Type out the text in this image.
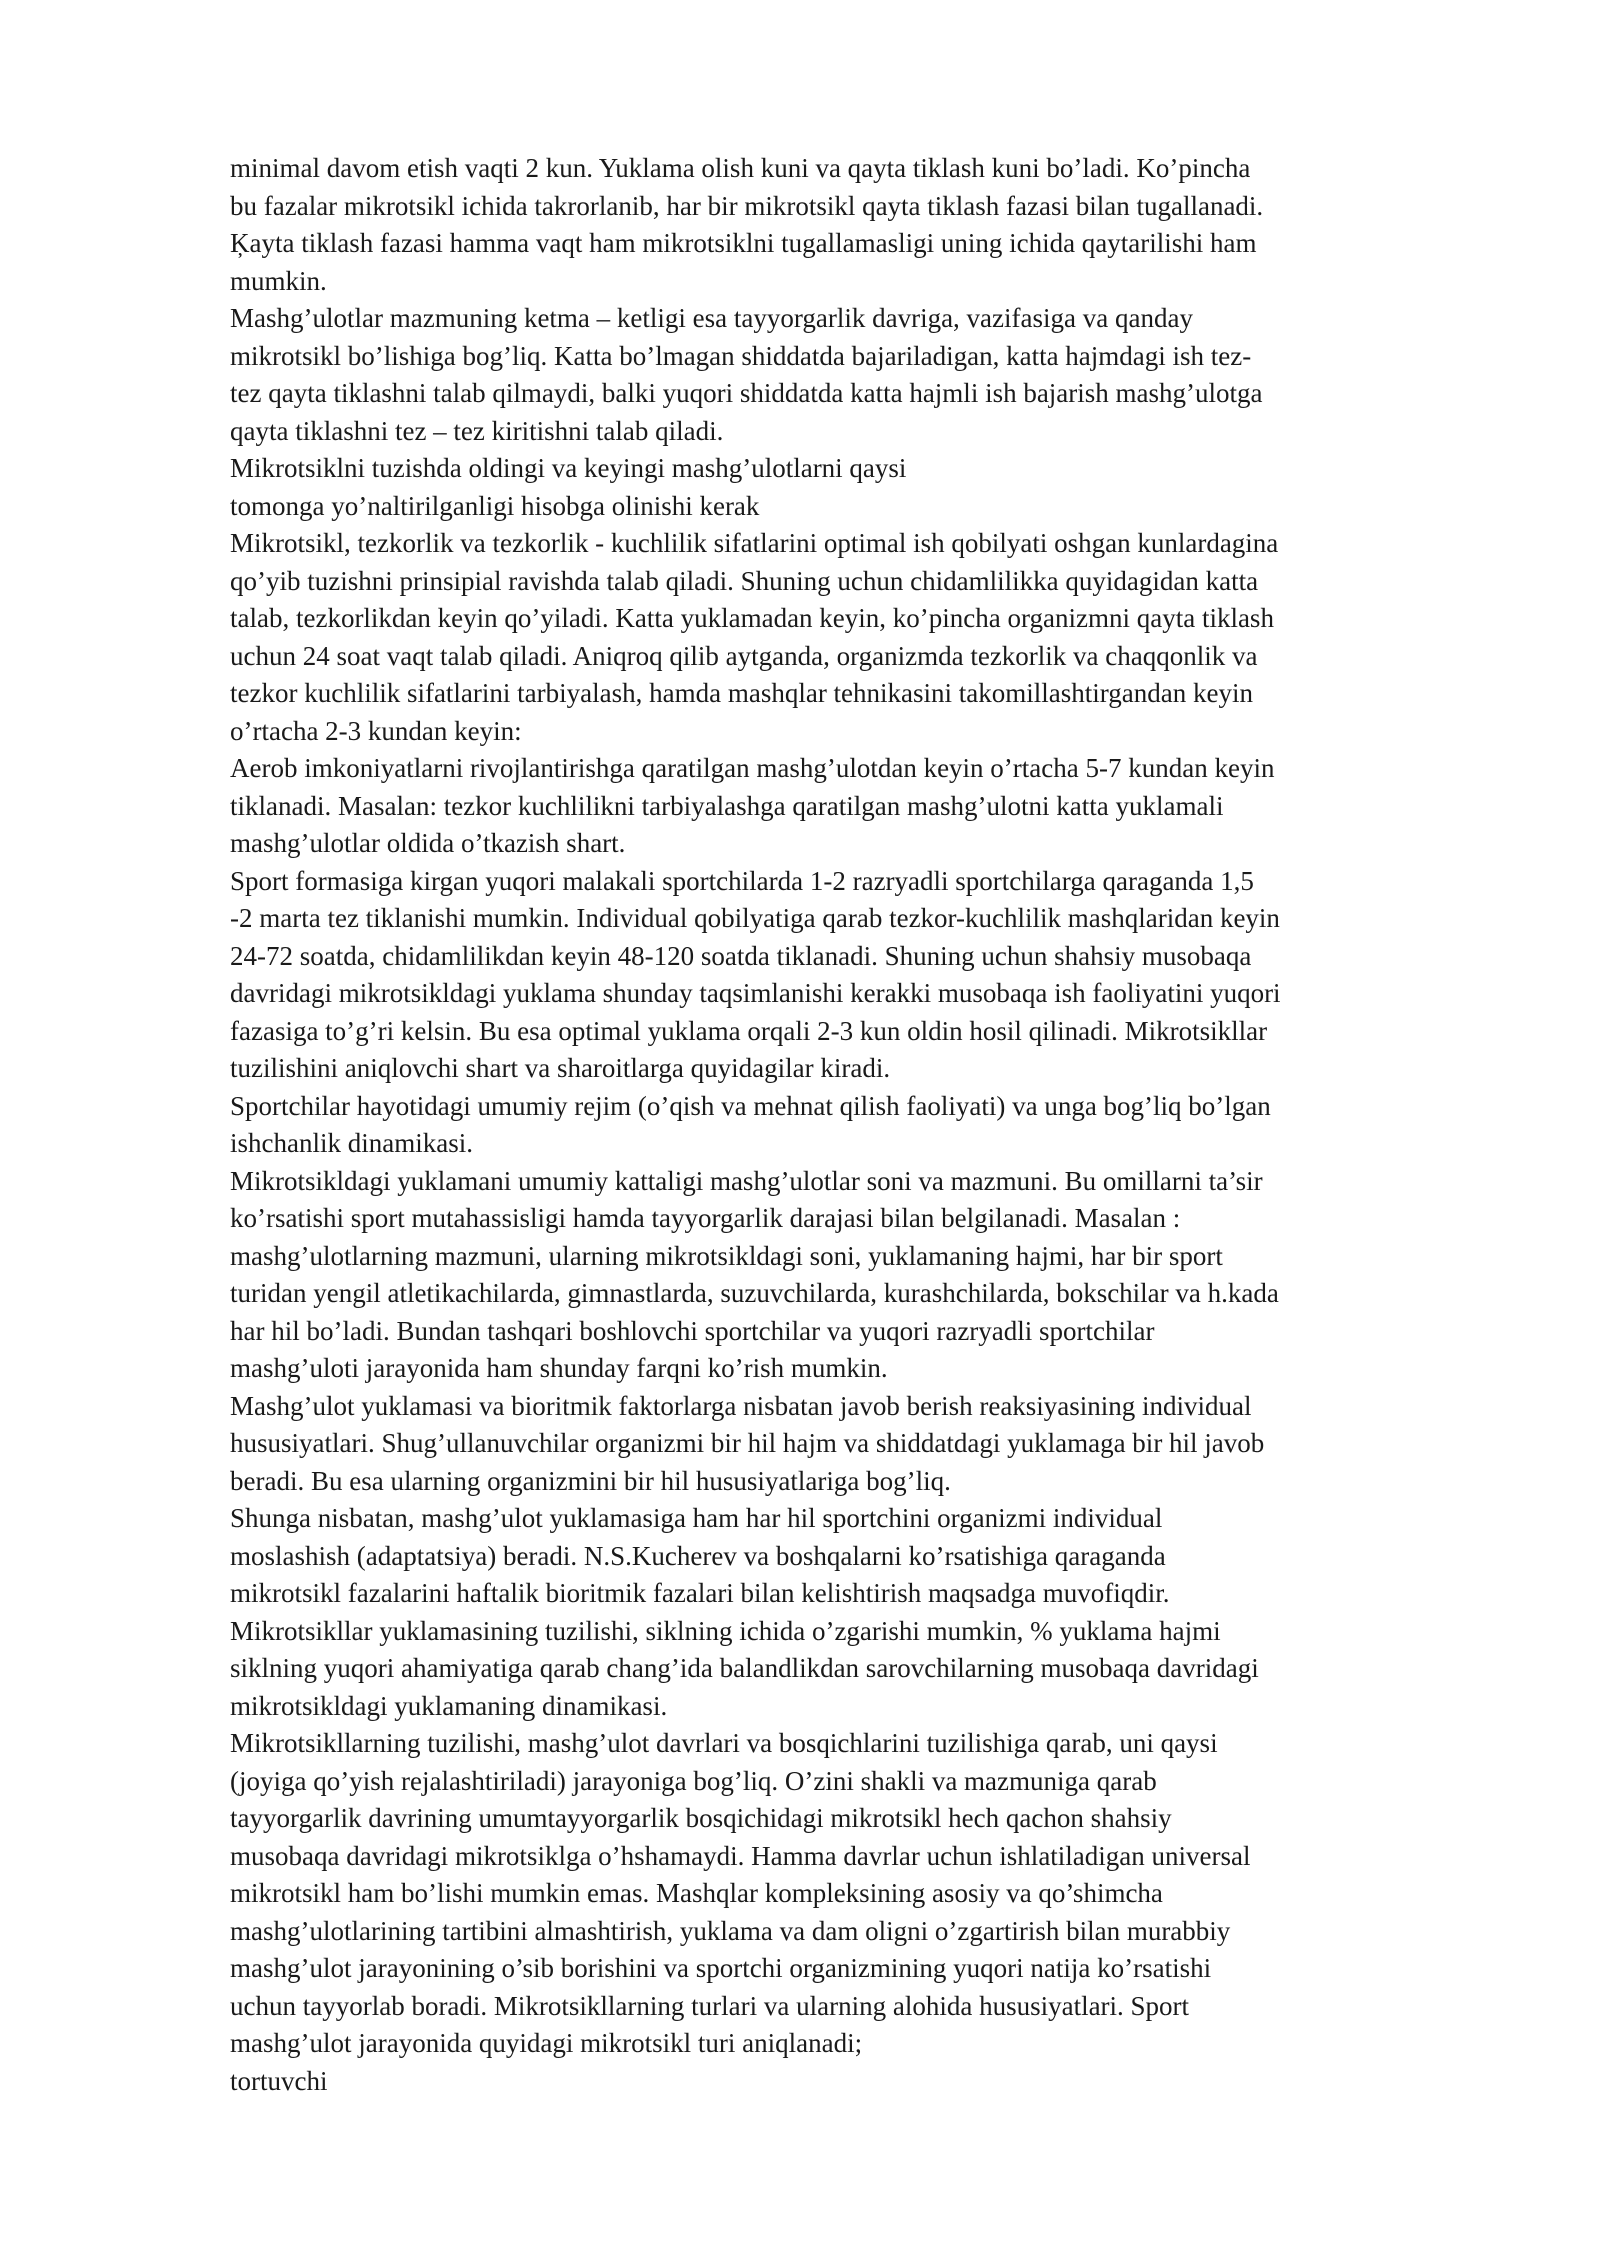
minimal davom etish vaqti 2 kun. Yuklama olish kuni va qayta tiklash kuni bo’ladi. Ko’pincha
bu fazalar mikrotsikl ichida takrorlanib, har bir mikrotsikl qayta tiklash fazasi bilan tugallanadi.
Ķayta tiklash fazasi hamma vaqt ham mikrotsiklni tugallamasligi uning ichida qaytarilishi ham
mumkin.
Mashg’ulotlar mazmuning ketma – ketligi esa tayyorgarlik davriga, vazifasiga va qanday
mikrotsikl bo’lishiga bog’liq. Katta bo’lmagan shiddatda bajariladigan, katta hajmdagi ish tez-
tez qayta tiklashni talab qilmaydi, balki yuqori shiddatda katta hajmli ish bajarish mashg’ulotga
qayta tiklashni tez – tez kiritishni talab qiladi.
Mikrotsiklni tuzishda oldingi va keyingi mashg’ulotlarni qaysi
tomonga yo’naltirilganligi hisobga olinishi kerak
Mikrotsikl, tezkorlik va tezkorlik - kuchlilik sifatlarini optimal ish qobilyati oshgan kunlardagina
qo’yib tuzishni prinsipial ravishda talab qiladi. Shuning uchun chidamlilikka quyidagidan katta
talab, tezkorlikdan keyin qo’yiladi. Katta yuklamadan keyin, ko’pincha organizmni qayta tiklash
uchun 24 soat vaqt talab qiladi. Aniqroq qilib aytganda, organizmda tezkorlik va chaqqonlik va
tezkor kuchlilik sifatlarini tarbiyalash, hamda mashqlar tehnikasini takomillashtirgandan keyin
o’rtacha 2-3 kundan keyin:
Aerob imkoniyatlarni rivojlantirishga qaratilgan mashg’ulotdan keyin o’rtacha 5-7 kundan keyin
tiklanadi. Masalan: tezkor kuchlilikni tarbiyalashga qaratilgan mashg’ulotni katta yuklamali
mashg’ulotlar oldida o’tkazish shart.
Sport formasiga kirgan yuqori malakali sportchilarda 1-2 razryadli sportchilarga qaraganda 1,5
-2 marta tez tiklanishi mumkin. Individual qobilyatiga qarab tezkor-kuchlilik mashqlaridan keyin
24-72 soatda, chidamlilikdan keyin 48-120 soatda tiklanadi. Shuning uchun shahsiy musobaqa
davridagi mikrotsikldagi yuklama shunday taqsimlanishi kerakki musobaqa ish faoliyatini yuqori
fazasiga to’g’ri kelsin. Bu esa optimal yuklama orqali 2-3 kun oldin hosil qilinadi. Mikrotsikllar
tuzilishini aniqlovchi shart va sharoitlarga quyidagilar kiradi.
Sportchilar hayotidagi umumiy rejim (o’qish va mehnat qilish faoliyati) va unga bog’liq bo’lgan
ishchanlik dinamikasi.
Mikrotsikldagi yuklamani umumiy kattaligi mashg’ulotlar soni va mazmuni. Bu omillarni ta’sir
ko’rsatishi sport mutahassisligi hamda tayyorgarlik darajasi bilan belgilanadi. Masalan :
mashg’ulotlarning mazmuni, ularning mikrotsikldagi soni, yuklamaning hajmi, har bir sport
turidan yengil atletikachilarda, gimnastlarda, suzuvchilarda, kurashchilarda, bokschilar va h.kada
har hil bo’ladi. Bundan tashqari boshlovchi sportchilar va yuqori razryadli sportchilar
mashg’uloti jarayonida ham shunday farqni ko’rish mumkin.
Mashg’ulot yuklamasi va bioritmik faktorlarga nisbatan javob berish reaksiyasining individual
hususiyatlari. Shug’ullanuvchilar organizmi bir hil hajm va shiddatdagi yuklamaga bir hil javob
beradi. Bu esa ularning organizmini bir hil hususiyatlariga bog’liq.
Shunga nisbatan, mashg’ulot yuklamasiga ham har hil sportchini organizmi individual
moslashish (adaptatsiya) beradi. N.S.Kucherev va boshqalarni ko’rsatishiga qaraganda
mikrotsikl fazalarini haftalik bioritmik fazalari bilan kelishtirish maqsadga muvofiqdir.
Mikrotsikllar yuklamasining tuzilishi, siklning ichida o’zgarishi mumkin, % yuklama hajmi
siklning yuqori ahamiyatiga qarab chang’ida balandlikdan sarovchilarning musobaqa davridagi
mikrotsikldagi yuklamaning dinamikasi.
Mikrotsikllarning tuzilishi, mashg’ulot davrlari va bosqichlarini tuzilishiga qarab, uni qaysi
(joyiga qo’yish rejalashtiriladi) jarayoniga bog’liq. O’zini shakli va mazmuniga qarab
tayyorgarlik davrining umumtayyorgarlik bosqichidagi mikrotsikl hech qachon shahsiy
musobaqa davridagi mikrotsiklga o’hshamaydi. Hamma davrlar uchun ishlatiladigan universal
mikrotsikl ham bo’lishi mumkin emas. Mashqlar kompleksining asosiy va qo’shimcha
mashg’ulotlarining tartibini almashtirish, yuklama va dam oligni o’zgartirish bilan murabbiy
mashg’ulot jarayonining o’sib borishini va sportchi organizmining yuqori natija ko’rsatishi
uchun tayyorlab boradi. Mikrotsikllarning turlari va ularning alohida hususiyatlari. Sport
mashg’ulot jarayonida quyidagi mikrotsikl turi aniqlanadi;
tortuvchi
